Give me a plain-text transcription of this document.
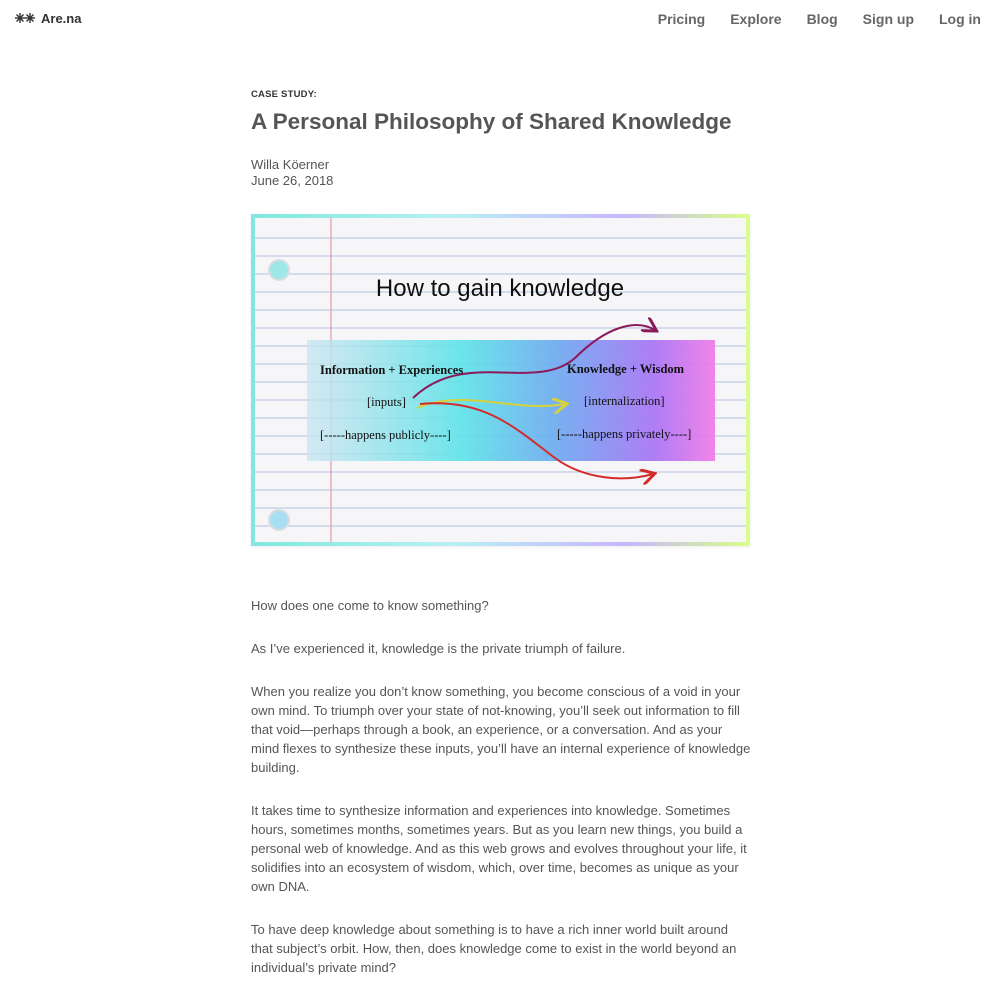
Are.na	Pricing Explore Blog Sign up Log in

CASE STUDY:

A Personal Philosophy of Shared Knowledge
Willa Köerner
June 26, 2018
How to gain knowledge
Information + Experiences
[inputs]
[-----happens publicly----]
Knowledge + Wisdom
[internalization]
[-----happens privately----]

How does one come to know something?

As I’ve experienced it, knowledge is the private triumph of failure.

When you realize you don’t know something, you become conscious of a void in your own mind. To triumph over your state of not-knowing, you’ll seek out information to fill that void—perhaps through a book, an experience, or a conversation. And as your mind flexes to synthesize these inputs, you’ll have an internal experience of knowledge building.

It takes time to synthesize information and experiences into knowledge. Sometimes hours, sometimes months, sometimes years. But as you learn new things, you build a personal web of knowledge. And as this web grows and evolves throughout your life, it solidifies into an ecosystem of wisdom, which, over time, becomes as unique as your own DNA.

To have deep knowledge about something is to have a rich inner world built around that subject’s orbit. How, then, does knowledge come to exist in the world beyond an individual’s private mind?
